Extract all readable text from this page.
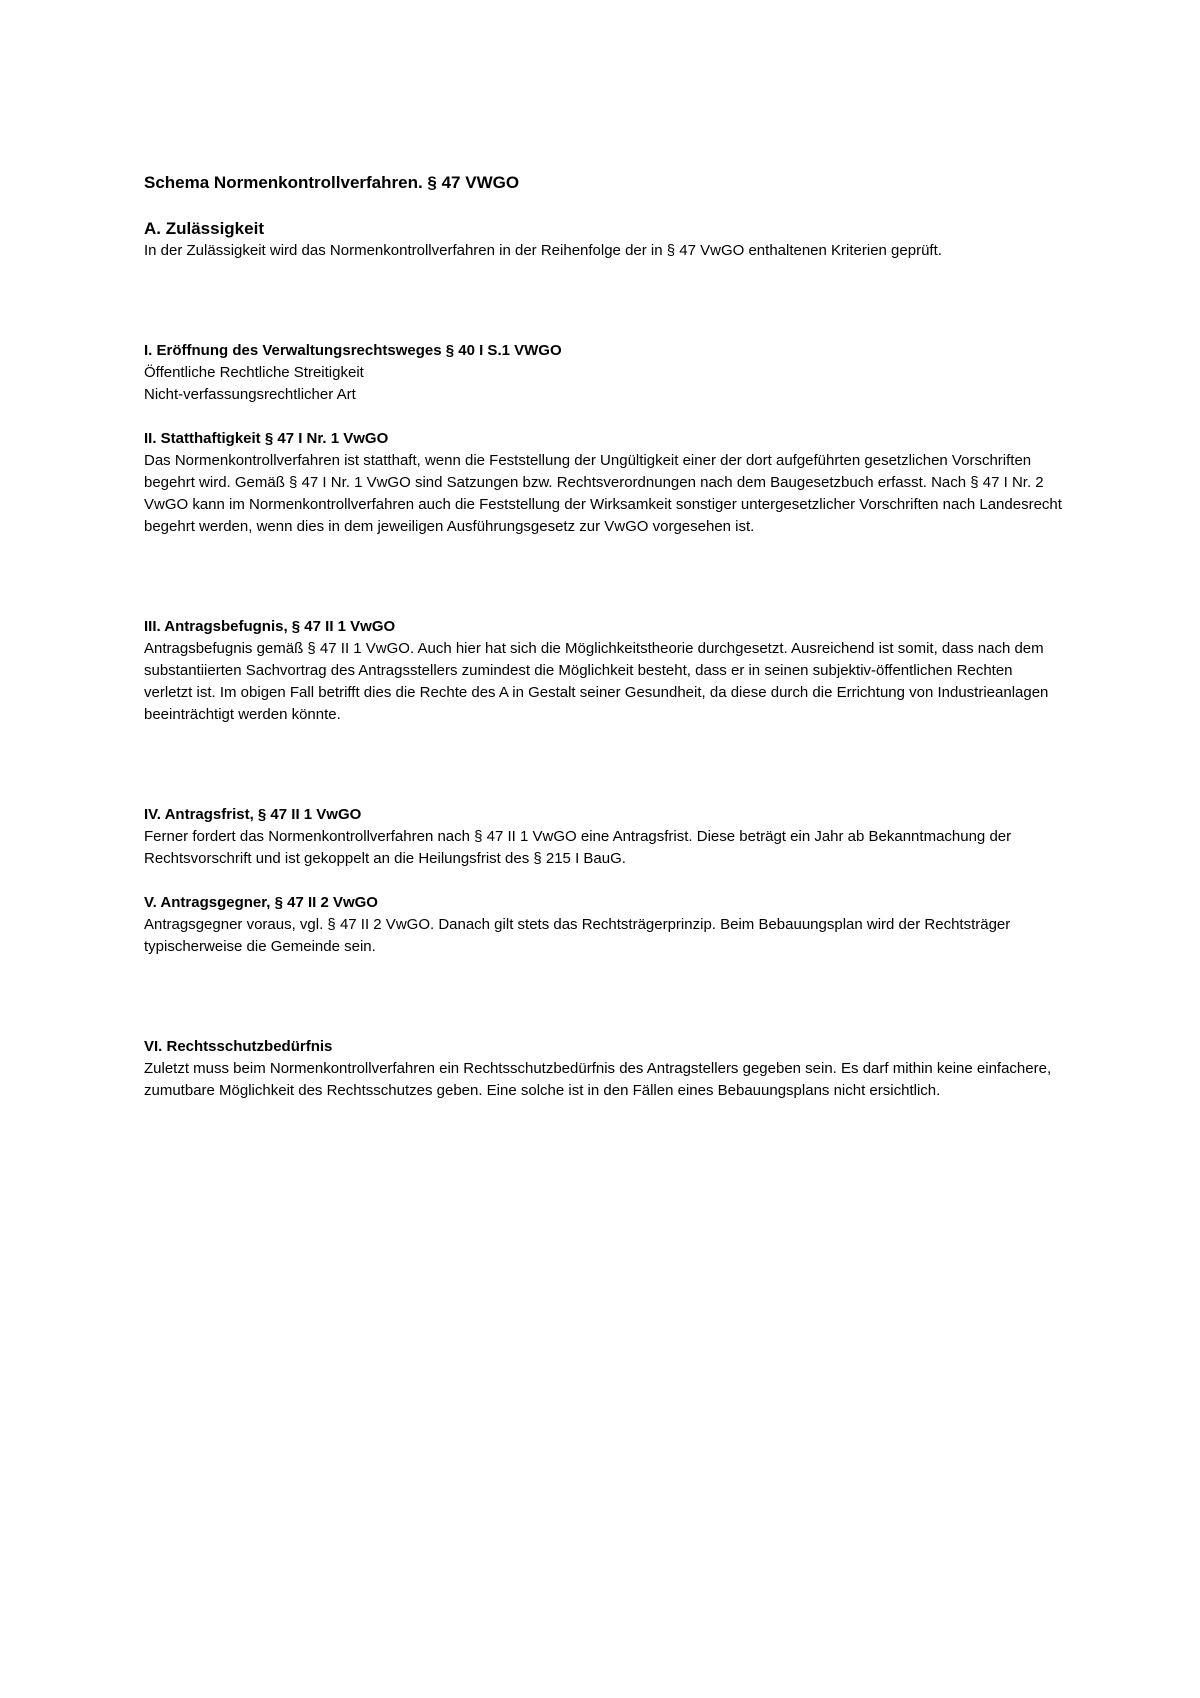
Schema Normenkontrollverfahren. § 47 VWGO

A. Zulässigkeit

In der Zulässigkeit wird das Normenkontrollverfahren in der Reihenfolge der in § 47 VwGO enthaltenen Kriterien geprüft.

I. Eröffnung des Verwaltungsrechtsweges § 40 I S.1 VWGO

Öffentliche Rechtliche Streitigkeit

Nicht-verfassungsrechtlicher Art

II. Statthaftigkeit § 47 I Nr. 1 VwGO

Das Normenkontrollverfahren ist statthaft, wenn die Feststellung der Ungültigkeit einer der dort aufgeführten gesetzlichen Vorschriften begehrt wird. Gemäß § 47 I Nr. 1 VwGO sind Satzungen bzw. Rechtsverordnungen nach dem Baugesetzbuch erfasst. Nach § 47 I Nr. 2 VwGO kann im Normenkontrollverfahren auch die Feststellung der Wirksamkeit sonstiger untergesetzlicher Vorschriften nach Landesrecht begehrt werden, wenn dies in dem jeweiligen Ausführungsgesetz zur VwGO vorgesehen ist.

III. Antragsbefugnis, § 47 II 1 VwGO

Antragsbefugnis gemäß § 47 II 1 VwGO. Auch hier hat sich die Möglichkeitstheorie durchgesetzt. Ausreichend ist somit, dass nach dem substantiierten Sachvortrag des Antragsstellers zumindest die Möglichkeit besteht, dass er in seinen subjektiv-öffentlichen Rechten verletzt ist. Im obigen Fall betrifft dies die Rechte des A in Gestalt seiner Gesundheit, da diese durch die Errichtung von Industrieanlagen beeinträchtigt werden könnte.

IV. Antragsfrist, § 47 II 1 VwGO

Ferner fordert das Normenkontrollverfahren nach § 47 II 1 VwGO eine Antragsfrist. Diese beträgt ein Jahr ab Bekanntmachung der Rechtsvorschrift und ist gekoppelt an die Heilungsfrist des § 215 I BauG.

V. Antragsgegner, § 47 II 2 VwGO

Antragsgegner voraus, vgl. § 47 II 2 VwGO. Danach gilt stets das Rechtsträgerprinzip. Beim Bebauungsplan wird der Rechtsträger typischerweise die Gemeinde sein.

VI. Rechtsschutzbedürfnis

Zuletzt muss beim Normenkontrollverfahren ein Rechtsschutzbedürfnis des Antragstellers gegeben sein. Es darf mithin keine einfachere, zumutbare Möglichkeit des Rechtsschutzes geben. Eine solche ist in den Fällen eines Bebauungsplans nicht ersichtlich.
